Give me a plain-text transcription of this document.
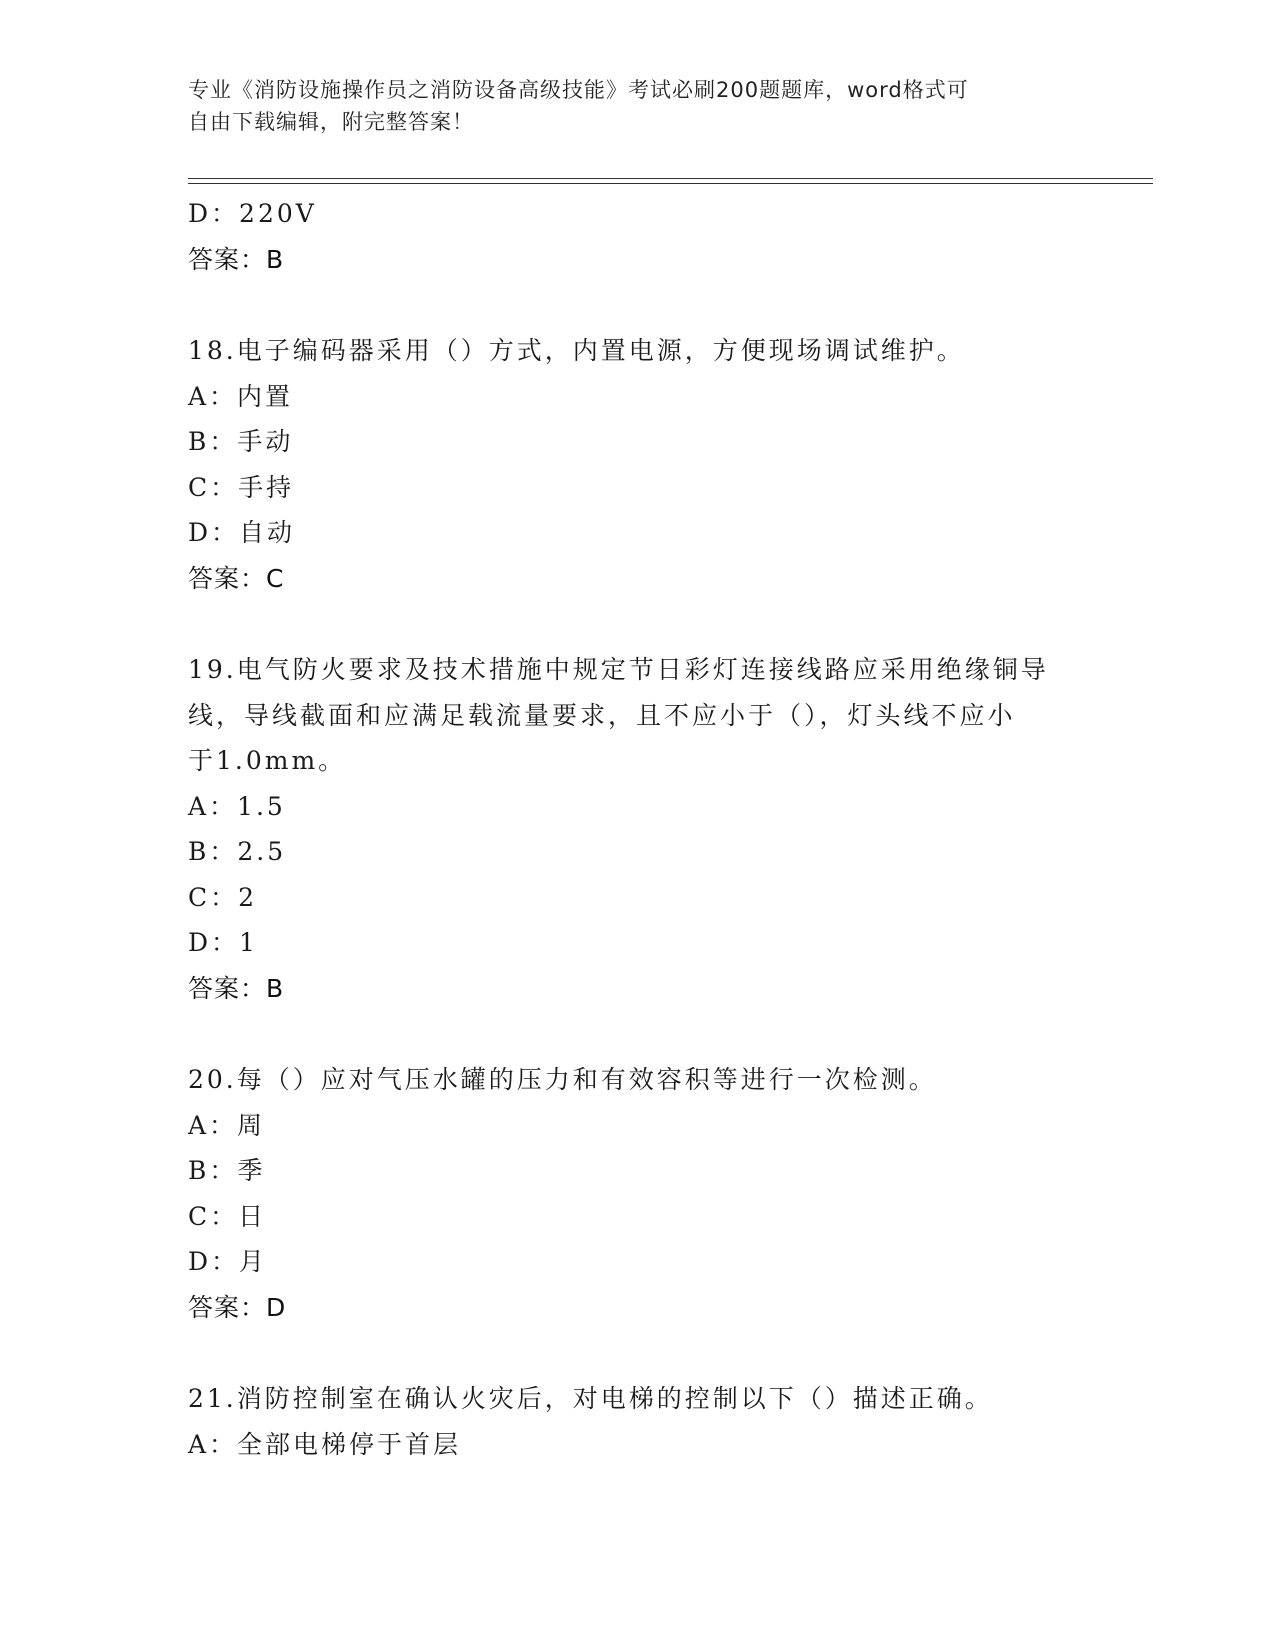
专业《消防设施操作员之消防设备高级技能》考试必刷200题题库，word格式可
自由下载编辑，附完整答案！
D：220V
答案：B
18.电子编码器采用（）方式，内置电源，方便现场调试维护。
A：内置
B：手动
C：手持
D：自动
答案：C
19.电气防火要求及技术措施中规定节日彩灯连接线路应采用绝缘铜导
线，导线截面和应满足载流量要求，且不应小于（），灯头线不应小
于1.0mm。
A：1.5
B：2.5
C：2
D：1
答案：B
20.每（）应对气压水罐的压力和有效容积等进行一次检测。
A：周
B：季
C：日
D：月
答案：D
21.消防控制室在确认火灾后，对电梯的控制以下（）描述正确。
A：全部电梯停于首层
